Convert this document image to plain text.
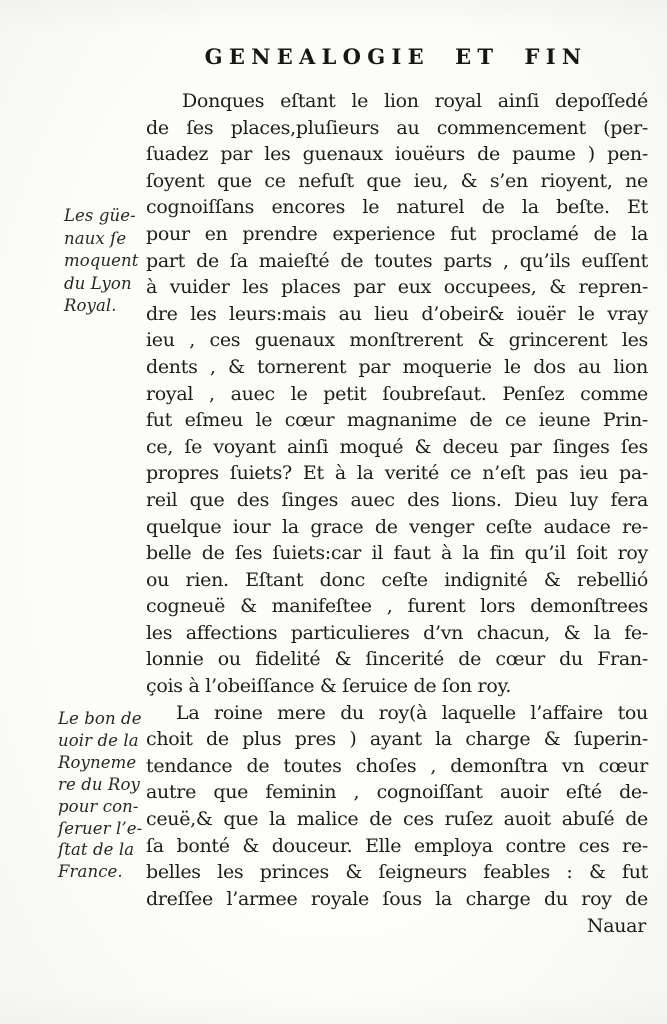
GENEALOGIE ET FIN
Les güe-
naux ſe
moquent
du Lyon
Royal.
Le bon de
uoir de la
Royneme
re du Roy
pour con-
ſeruer l’e-
ſtat de la
France.
Donques eſtant le lion royal ainſi depoſſedé
de ſes places,pluſieurs au commencement (per-
ſuadez par les guenaux iouëurs de paume ) pen-
ſoyent que ce nefuſt que ieu, & s’en rioyent, ne
cognoiſſans encores le naturel de la beſte. Et
pour en prendre experience fut proclamé de la
part de ſa maieſté de toutes parts , qu’ils euſſent
à vuider les places par eux occupees, & repren-
dre les leurs:mais au lieu d’obeir& iouër le vray
ieu , ces guenaux monſtrerent & grincerent les
dents , & tornerent par moquerie le dos au lion
royal , auec le petit ſoubreſaut. Penſez comme
fut eſmeu le cœur magnanime de ce ieune Prin-
ce, ſe voyant ainſi moqué & deceu par ſinges ſes
propres ſuiets? Et à la verité ce n’eſt pas ieu pa-
reil que des ſinges auec des lions. Dieu luy fera
quelque iour la grace de venger ceſte audace re-
belle de ſes ſuiets:car il faut à la fin qu’il ſoit roy
ou rien. Eſtant donc ceſte indignité & rebellió
cogneuë & manifeſtee , furent lors demonſtrees
les affections particulieres d’vn chacun, & la fe-
lonnie ou fidelité & ſincerité de cœur du Fran-
çois à l’obeiſſance & ſeruice de ſon roy.
La roine mere du roy(à laquelle l’affaire tou
choit de plus pres ) ayant la charge & ſuperin-
tendance de toutes choſes , demonſtra vn cœur
autre que feminin , cognoiſſant auoir eſté de-
ceuë,& que la malice de ces ruſez auoit abuſé de
ſa bonté & douceur. Elle employa contre ces re-
belles les princes & ſeigneurs feables : & fut
dreſſee l’armee royale ſous la charge du roy de
Nauar
